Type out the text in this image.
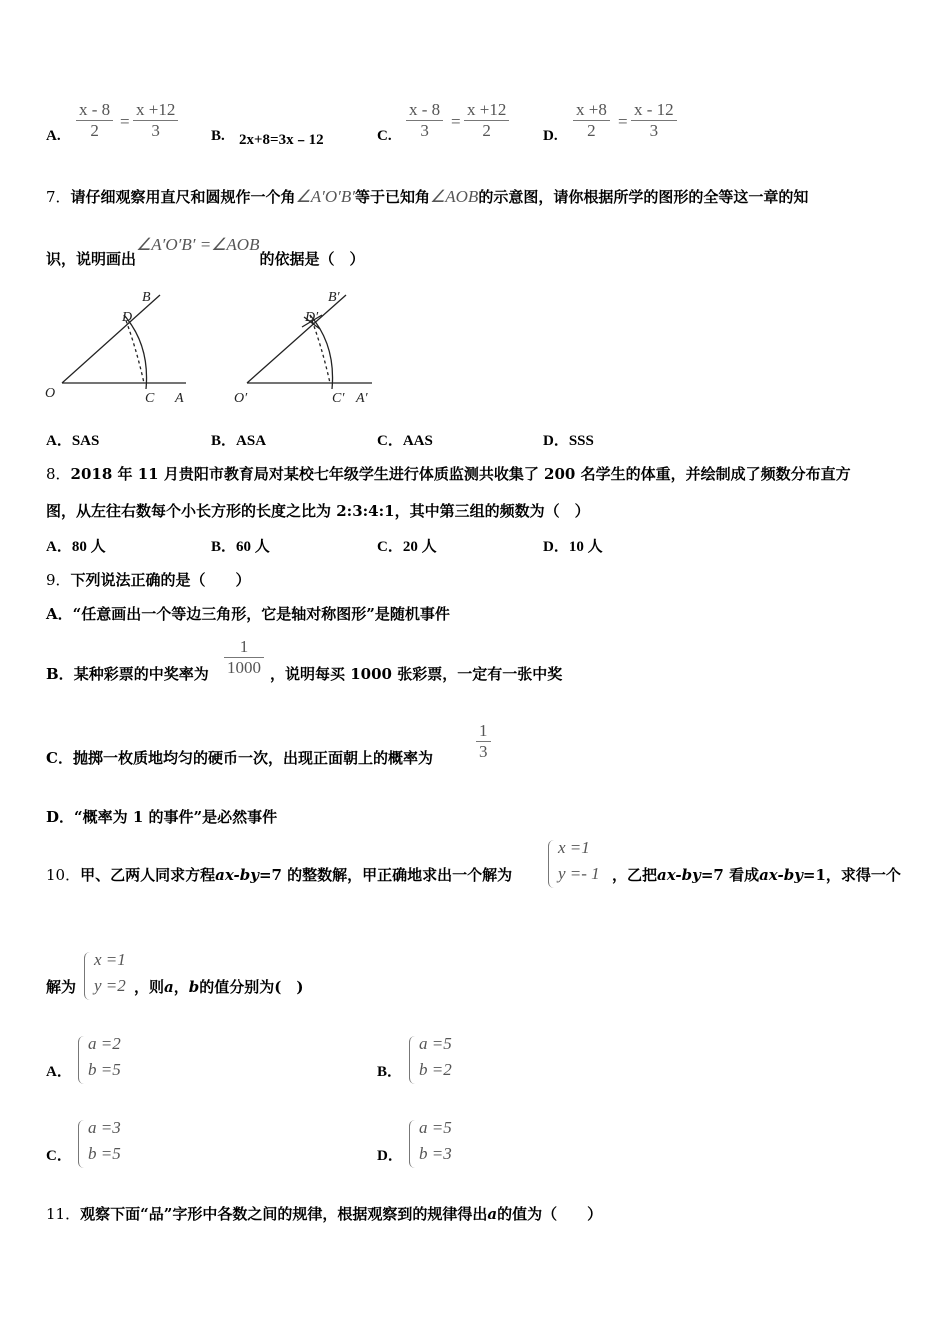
A. $\frac{x - 8}{2} = \frac{x +12}{3} B$. 2x+8=3x﹣12	C. $\frac{x - 8}{3} = \frac{x +12}{2} D$. $\frac{x +8}{2} = \frac{x - 12}{3}$
7．请仔细观察用直尺和圆规作一个角∠A′O′B′等于已知角∠AOB的示意图，请你根据所学的图形的全等这一章的知
识，说明画出∠A′O′B′ =∠AOB的依据是（　）
O	C A
D
B
O′	C′ A′
D′
B′
A．SAS	B．ASA	C．AAS	D．SSS
8．2018 年 11 月贵阳市教育局对某校七年级学生进行体质监测共收集了 200 名学生的体重，并绘制成了频数分布直方
图，从左往右数每个小长方形的长度之比为 2:3:4:1，其中第三组的频数为（　）
A．80 人	B．60 人	C．20 人	D．10 人
9．下列说法正确的是（　　）
A．“任意画出一个等边三角形，它是轴对称图形”是随机事件
B．某种彩票的中奖率为 $\frac{1}{1000}$ ，说明每买 1000 张彩票，一定有一张中奖
C．抛掷一枚质地均匀的硬币一次，出现正面朝上的概率为	$\frac{1}{3}$
D．“概率为 1 的事件”是必然事件
10．甲、乙两人同求方程ax-by=7 的整数解，甲正确地求出一个解为
x =1
y =- 1 ，乙把ax-by=7 看成ax-by=1，求得一个
解为
x =1
y =2 ，则a，b的值分别为(　)
A．
a =2
b =5	B．
a =5
b =2
C．
a =3
b =5	D．
a =5
b =3
11．观察下面“品”字形中各数之间的规律，根据观察到的规律得出a的值为（　　）
